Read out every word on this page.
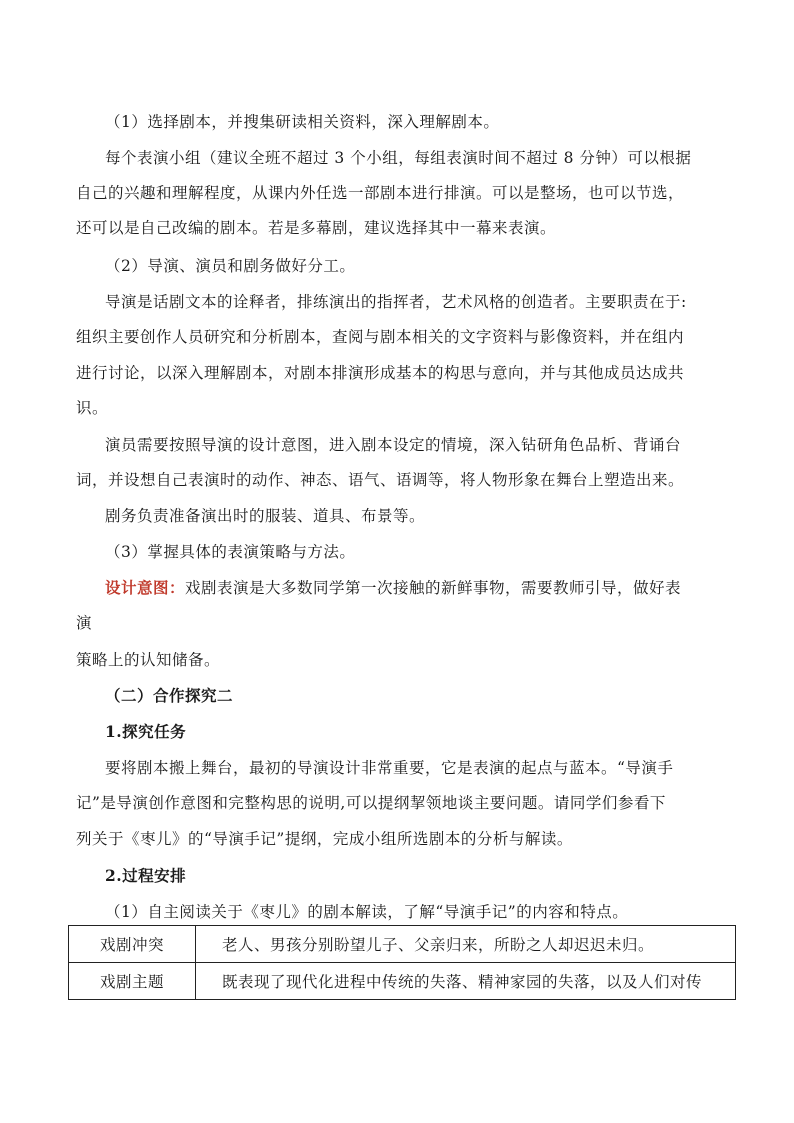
（1）选择剧本，并搜集研读相关资料，深入理解剧本。
每个表演小组（建议全班不超过 3 个小组，每组表演时间不超过 8 分钟）可以根据
自己的兴趣和理解程度，从课内外任选一部剧本进行排演。可以是整场，也可以节选，
还可以是自己改编的剧本。若是多幕剧，建议选择其中一幕来表演。
（2）导演、演员和剧务做好分工。
导演是话剧文本的诠释者，排练演出的指挥者，艺术风格的创造者。主要职责在于:
组织主要创作人员研究和分析剧本，查阅与剧本相关的文字资料与影像资料，并在组内
进行讨论，以深入理解剧本，对剧本排演形成基本的构思与意向，并与其他成员达成共
识。
演员需要按照导演的设计意图，进入剧本设定的情境，深入钻研角色品析、背诵台
词，并设想自己表演时的动作、神态、语气、语调等，将人物形象在舞台上塑造出来。
剧务负责准备演出时的服装、道具、布景等。
（3）掌握具体的表演策略与方法。
设计意图：戏剧表演是大多数同学第一次接触的新鲜事物，需要教师引导，做好表
演
策略上的认知储备。
（二）合作探究二
1.探究任务
要将剧本搬上舞台，最初的导演设计非常重要，它是表演的起点与蓝本。“导演手
记”是导演创作意图和完整构思的说明,可以提纲挈领地谈主要问题。请同学们参看下
列关于《枣儿》的“导演手记”提纲，完成小组所选剧本的分析与解读。
2.过程安排
（1）自主阅读关于《枣儿》的剧本解读，了解“导演手记”的内容和特点。
戏剧冲突	老人、男孩分别盼望儿子、父亲归来，所盼之人却迟迟未归。
戏剧主题	既表现了现代化进程中传统的失落、精神家园的失落，以及人们对传
